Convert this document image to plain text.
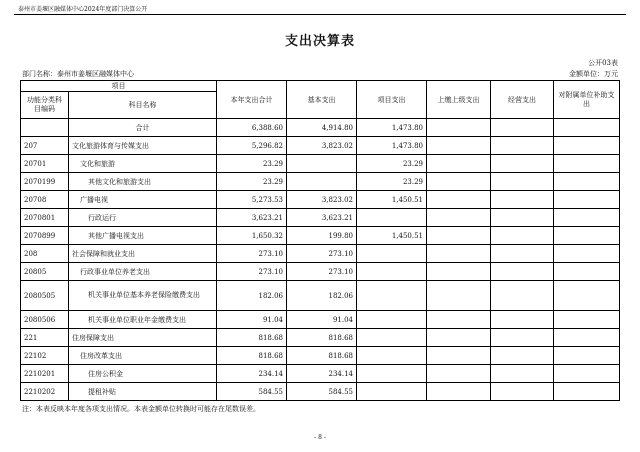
泰州市姜堰区融媒体中心2024年度部门决算公开
支出决算表
公开03表
部门名称：泰州市姜堰区融媒体中心	金额单位：万元
项目		本年支出合计	基本支出	项目支出	上缴上级支出	经营支出	对附属单位补助支出
功能分类科目编码	科目名称						
	合计	6,388.60	4,914.80	1,473.80			
207	文化旅游体育与传媒支出	5,296.82	3,823.02	1,473.80			
20701	文化和旅游	23.29		23.29			
2070199	其他文化和旅游支出	23.29		23.29			
20708	广播电视	5,273.53	3,823.02	1,450.51			
2070801	行政运行	3,623.21	3,623.21				
2070899	其他广播电视支出	1,650.32	199.80	1,450.51			
208	社会保障和就业支出	273.10	273.10				
20805	行政事业单位养老支出	273.10	273.10				
2080505	机关事业单位基本养老保险缴费支出	182.06	182.06				
2080506	机关事业单位职业年金缴费支出	91.04	91.04				
221	住房保障支出	818.68	818.68				
22102	住房改革支出	818.68	818.68				
2210201	住房公积金	234.14	234.14				
2210202	提租补贴	584.55	584.55				
注：本表反映本年度各项支出情况。本表金额单位转换时可能存在尾数误差。
- 8 -
